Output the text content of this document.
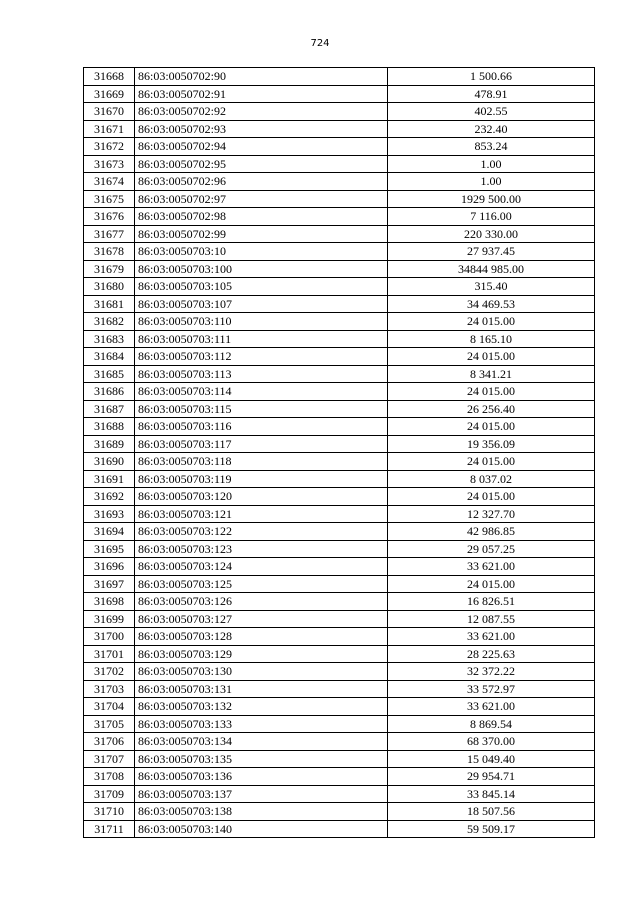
724
31668	86:03:0050702:90	1 500.66
31669	86:03:0050702:91	478.91
31670	86:03:0050702:92	402.55
31671	86:03:0050702:93	232.40
31672	86:03:0050702:94	853.24
31673	86:03:0050702:95	1.00
31674	86:03:0050702:96	1.00
31675	86:03:0050702:97	1929 500.00
31676	86:03:0050702:98	7 116.00
31677	86:03:0050702:99	220 330.00
31678	86:03:0050703:10	27 937.45
31679	86:03:0050703:100	34844 985.00
31680	86:03:0050703:105	315.40
31681	86:03:0050703:107	34 469.53
31682	86:03:0050703:110	24 015.00
31683	86:03:0050703:111	8 165.10
31684	86:03:0050703:112	24 015.00
31685	86:03:0050703:113	8 341.21
31686	86:03:0050703:114	24 015.00
31687	86:03:0050703:115	26 256.40
31688	86:03:0050703:116	24 015.00
31689	86:03:0050703:117	19 356.09
31690	86:03:0050703:118	24 015.00
31691	86:03:0050703:119	8 037.02
31692	86:03:0050703:120	24 015.00
31693	86:03:0050703:121	12 327.70
31694	86:03:0050703:122	42 986.85
31695	86:03:0050703:123	29 057.25
31696	86:03:0050703:124	33 621.00
31697	86:03:0050703:125	24 015.00
31698	86:03:0050703:126	16 826.51
31699	86:03:0050703:127	12 087.55
31700	86:03:0050703:128	33 621.00
31701	86:03:0050703:129	28 225.63
31702	86:03:0050703:130	32 372.22
31703	86:03:0050703:131	33 572.97
31704	86:03:0050703:132	33 621.00
31705	86:03:0050703:133	8 869.54
31706	86:03:0050703:134	68 370.00
31707	86:03:0050703:135	15 049.40
31708	86:03:0050703:136	29 954.71
31709	86:03:0050703:137	33 845.14
31710	86:03:0050703:138	18 507.56
31711	86:03:0050703:140	59 509.17
